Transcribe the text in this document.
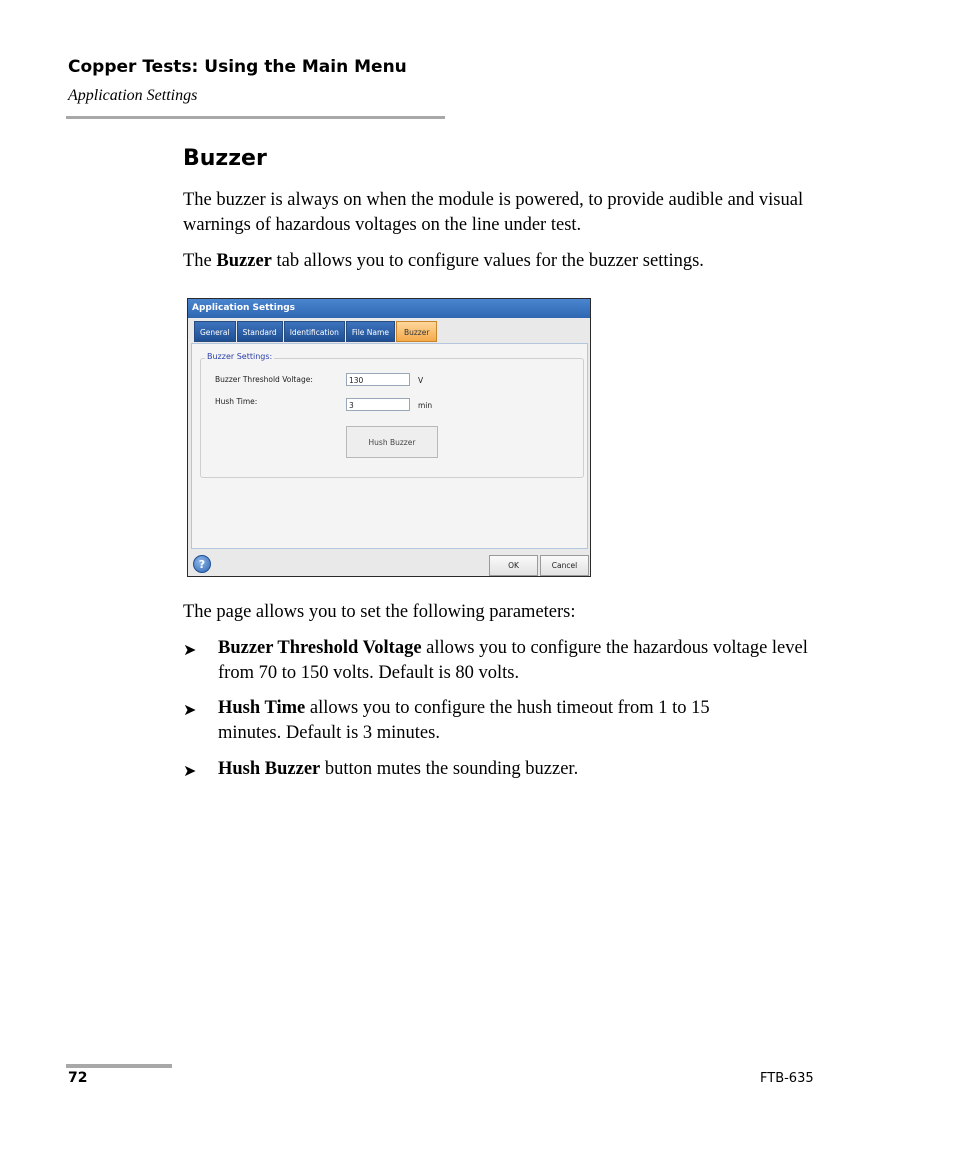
Copper Tests: Using the Main Menu
Application Settings
Buzzer
The buzzer is always on when the module is powered, to provide audible and visual warnings of hazardous voltages on the line under test.
The Buzzer tab allows you to configure values for the buzzer settings.
Application Settings
General	Standard	Identification	File Name	Buzzer
Buzzer Settings:
Buzzer Threshold Voltage:	130	V
Hush Time:	3	min
Hush Buzzer
?	OK	Cancel
The page allows you to set the following parameters:
➤ Buzzer Threshold Voltage allows you to configure the hazardous voltage level from 70 to 150 volts. Default is 80 volts.
➤ Hush Time allows you to configure the hush timeout from 1 to 15 minutes. Default is 3 minutes.
➤ Hush Buzzer button mutes the sounding buzzer.
72	FTB-635
